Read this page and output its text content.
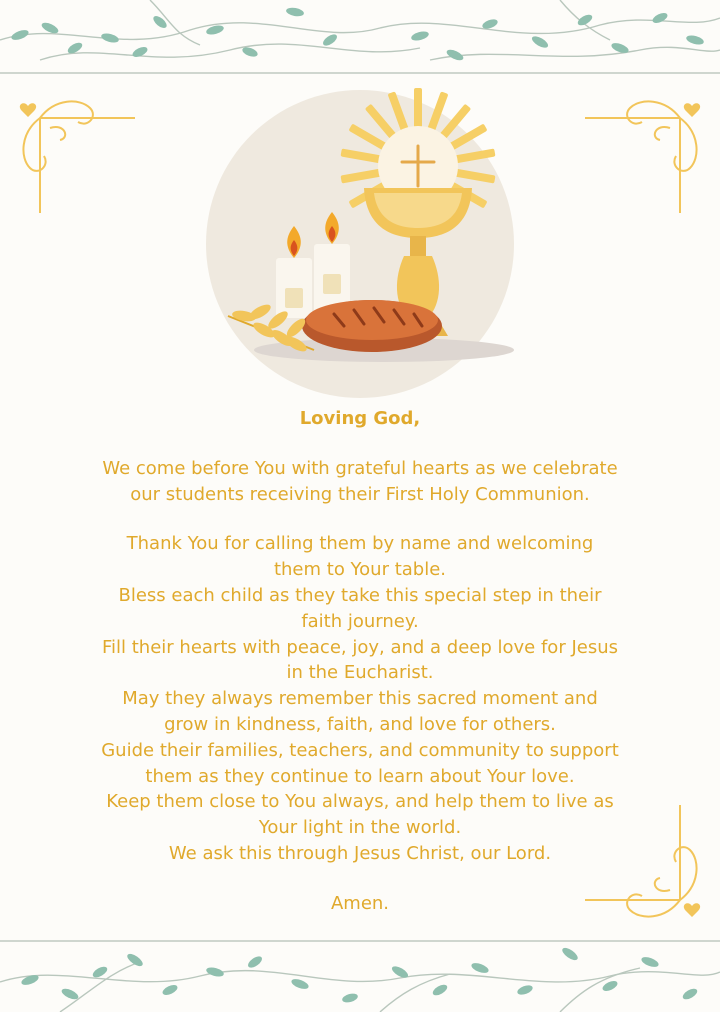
Loving God,

We come before You with grateful hearts as we celebrate

our students receiving their First Holy Communion.

Thank You for calling them by name and welcoming

them to Your table.

Bless each child as they take this special step in their

faith journey.

Fill their hearts with peace, joy, and a deep love for Jesus

in the Eucharist.

May they always remember this sacred moment and

grow in kindness, faith, and love for others.

Guide their families, teachers, and community to support

them as they continue to learn about Your love.

Keep them close to You always, and help them to live as

Your light in the world.

We ask this through Jesus Christ, our Lord.

Amen.
